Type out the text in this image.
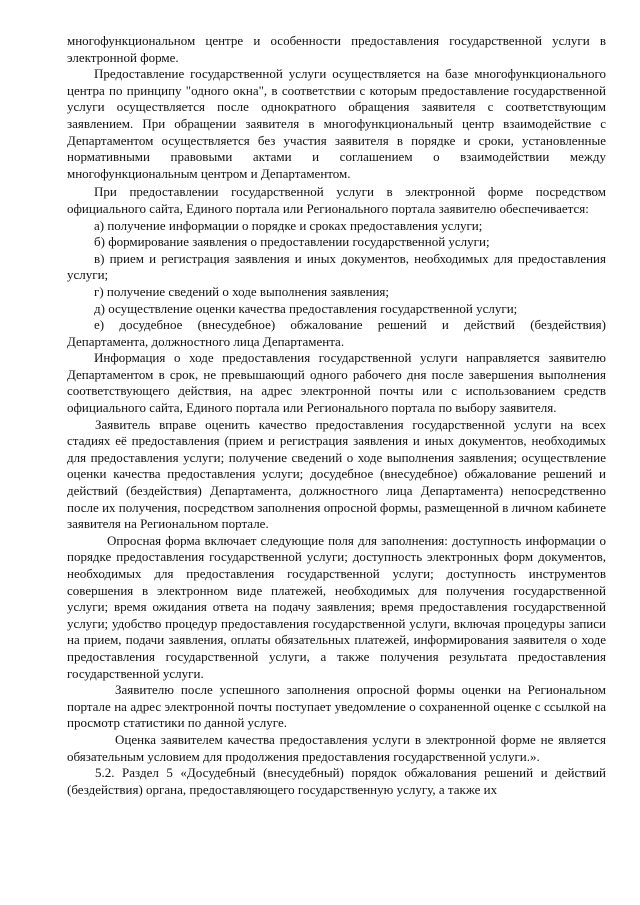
многофункциональном центре и особенности предоставления государственной услуги в электронной форме.

Предоставление государственной услуги осуществляется на базе многофункционального центра по принципу "одного окна", в соответствии с которым предоставление государственной услуги осуществляется после однократного обращения заявителя с соответствующим заявлением. При обращении заявителя в многофункциональный центр взаимодействие с Департаментом осуществляется без участия заявителя в порядке и сроки, установленные нормативными правовыми актами и соглашением о взаимодействии между многофункциональным центром и Департаментом.

При предоставлении государственной услуги в электронной форме посредством официального сайта, Единого портала или Регионального портала заявителю обеспечивается:

а) получение информации о порядке и сроках предоставления услуги;

б) формирование заявления о предоставлении государственной услуги;

в) прием и регистрация заявления и иных документов, необходимых для предоставления услуги;

г) получение сведений о ходе выполнения заявления;

д) осуществление оценки качества предоставления государственной услуги;

е) досудебное (внесудебное) обжалование решений и действий (бездействия) Департамента, должностного лица Департамента.

Информация о ходе предоставления государственной услуги направляется заявителю Департаментом в срок, не превышающий одного рабочего дня после завершения выполнения соответствующего действия, на адрес электронной почты или с использованием средств официального сайта, Единого портала или Регионального портала по выбору заявителя.

Заявитель вправе оценить качество предоставления государственной услуги на всех стадиях её предоставления (прием и регистрация заявления и иных документов, необходимых для предоставления услуги; получение сведений о ходе выполнения заявления; осуществление оценки качества предоставления услуги; досудебное (внесудебное) обжалование решений и действий (бездействия) Департамента, должностного лица Департамента) непосредственно после их получения, посредством заполнения опросной формы, размещенной в личном кабинете заявителя на Региональном портале.

Опросная форма включает следующие поля для заполнения: доступность информации о порядке предоставления государственной услуги; доступность электронных форм документов, необходимых для предоставления государственной услуги; доступность инструментов совершения в электронном виде платежей, необходимых для получения государственной услуги; время ожидания ответа на подачу заявления; время предоставления государственной услуги; удобство процедур предоставления государственной услуги, включая процедуры записи на прием, подачи заявления, оплаты обязательных платежей, информирования заявителя о ходе предоставления государственной услуги, а также получения результата предоставления государственной услуги.

Заявителю после успешного заполнения опросной формы оценки на Региональном портале на адрес электронной почты поступает уведомление о сохраненной оценке с ссылкой на просмотр статистики по данной услуге.

Оценка заявителем качества предоставления услуги в электронной форме не является обязательным условием для продолжения предоставления государственной услуги.».

5.2. Раздел 5 «Досудебный (внесудебный) порядок обжалования решений и действий (бездействия) органа, предоставляющего государственную услугу, а также их
